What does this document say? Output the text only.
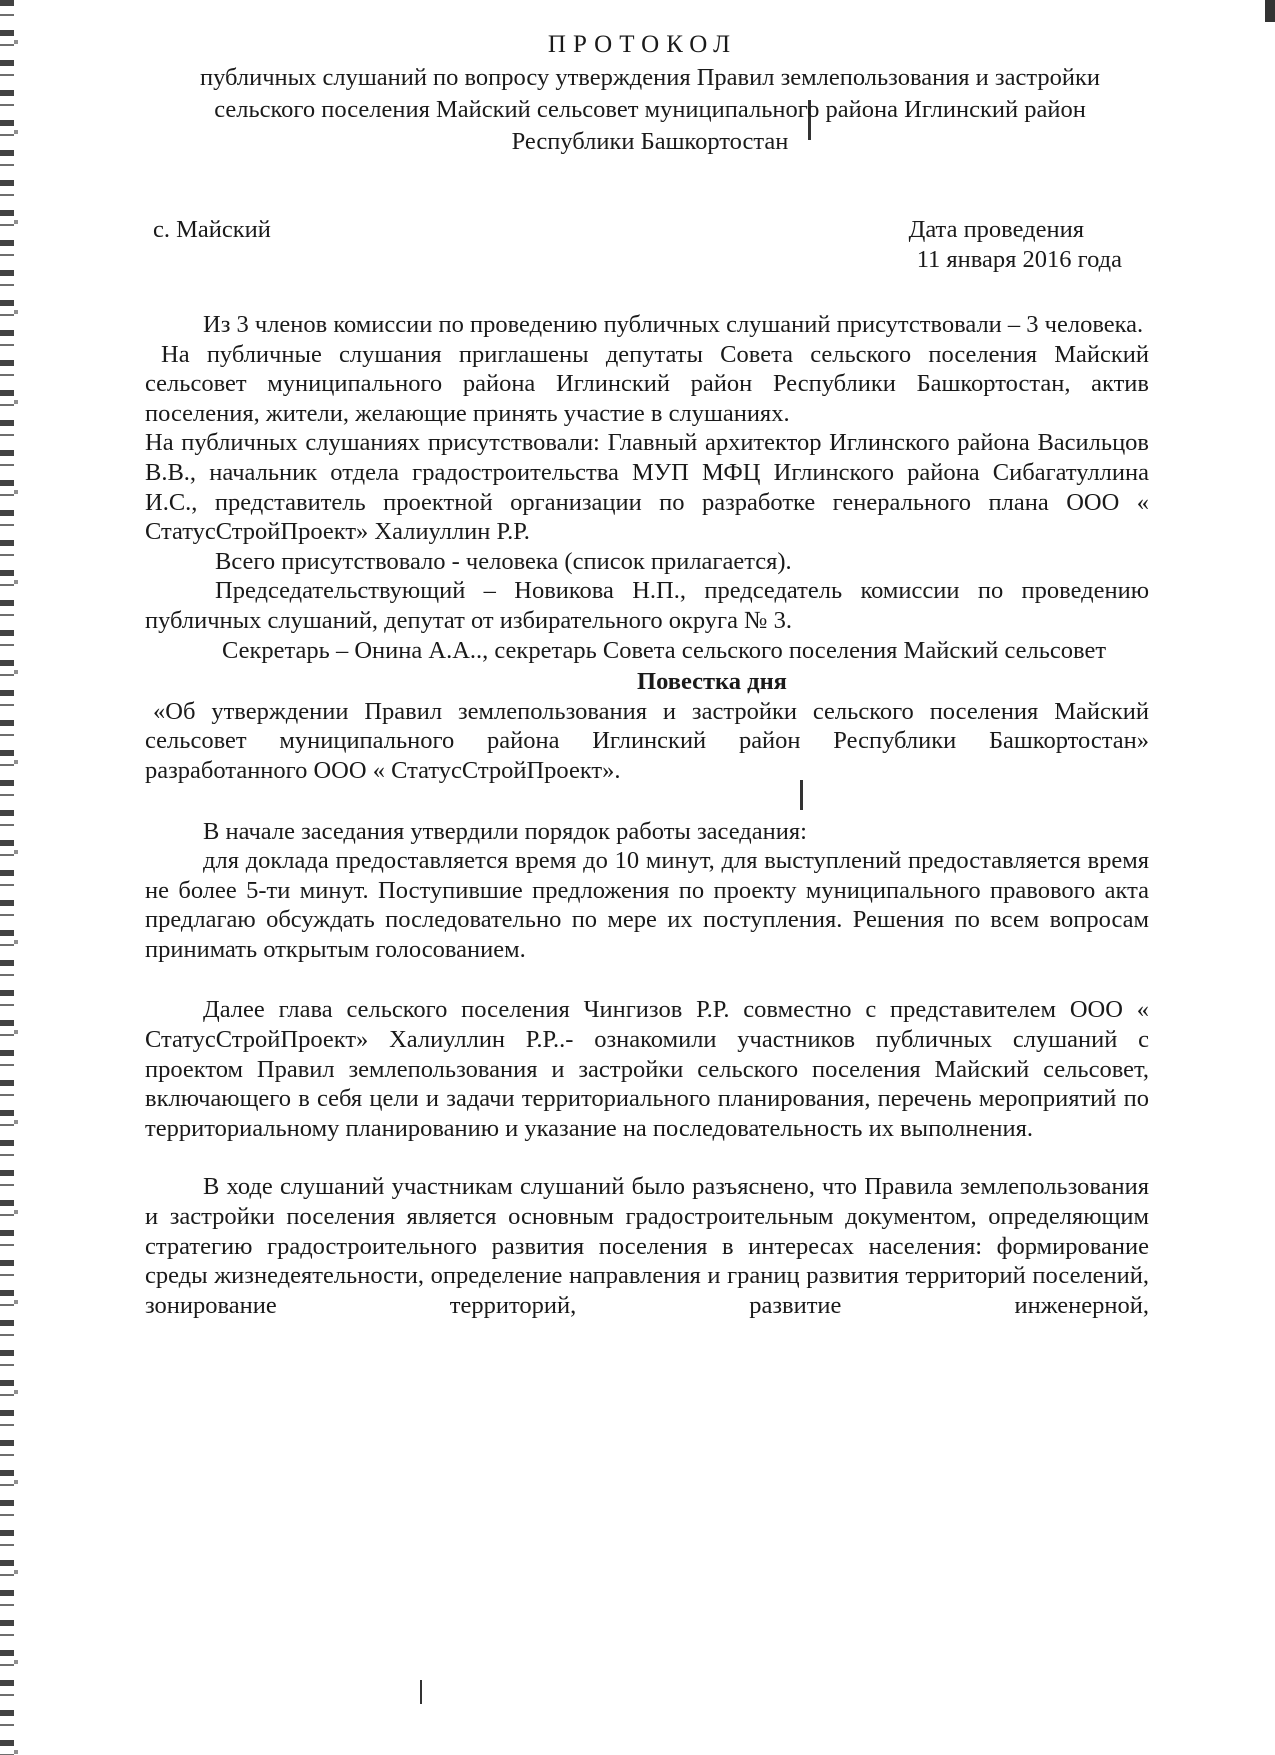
ПРОТОКОЛ
публичных слушаний по вопросу утверждения Правил землепользования и застройки
сельского поселения Майский сельсовет муниципального района Иглинский район
Республики Башкортостан
с. Майский	Дата проведения
11 января 2016 года

Из 3 членов комиссии по проведению публичных слушаний присутствовали – 3 человека.

На публичные слушания приглашены депутаты Совета сельского поселения Майский сельсовет муниципального района Иглинский район Республики Башкортостан, актив поселения, жители, желающие принять участие в слушаниях.

На публичных слушаниях присутствовали: Главный архитектор Иглинского района Васильцов В.В., начальник отдела градостроительства МУП МФЦ Иглинского района Сибагатуллина И.С., представитель проектной организации по разработке генерального плана ООО « СтатусСтройПроект» Халиуллин Р.Р.

Всего присутствовало - человека (список прилагается).

Председательствующий – Новикова Н.П., председатель комиссии по проведению публичных слушаний, депутат от избирательного округа № 3.

Секретарь – Онина А.А.., секретарь Совета сельского поселения Майский сельсовет

Повестка дня

«Об утверждении Правил землепользования и застройки сельского поселения Майский сельсовет муниципального района Иглинский район Республики Башкортостан» разработанного ООО « СтатусСтройПроект».

В начале заседания утвердили порядок работы заседания:

для доклада предоставляется время до 10 минут, для выступлений предоставляется время не более 5-ти минут. Поступившие предложения по проекту муниципального правового акта предлагаю обсуждать последовательно по мере их поступления. Решения по всем вопросам принимать открытым голосованием.

Далее глава сельского поселения Чингизов Р.Р. совместно с представителем ООО « СтатусСтройПроект» Халиуллин Р.Р..- ознакомили участников публичных слушаний с проектом Правил землепользования и застройки сельского поселения Майский сельсовет, включающего в себя цели и задачи территориального планирования, перечень мероприятий по территориальному планированию и указание на последовательность их выполнения.

В ходе слушаний участникам слушаний было разъяснено, что Правила землепользования и застройки поселения является основным градостроительным документом, определяющим стратегию градостроительного развития поселения в интересах населения: формирование среды жизнедеятельности, определение направления и границ развития территорий поселений, зонирование территорий, развитие инженерной,
